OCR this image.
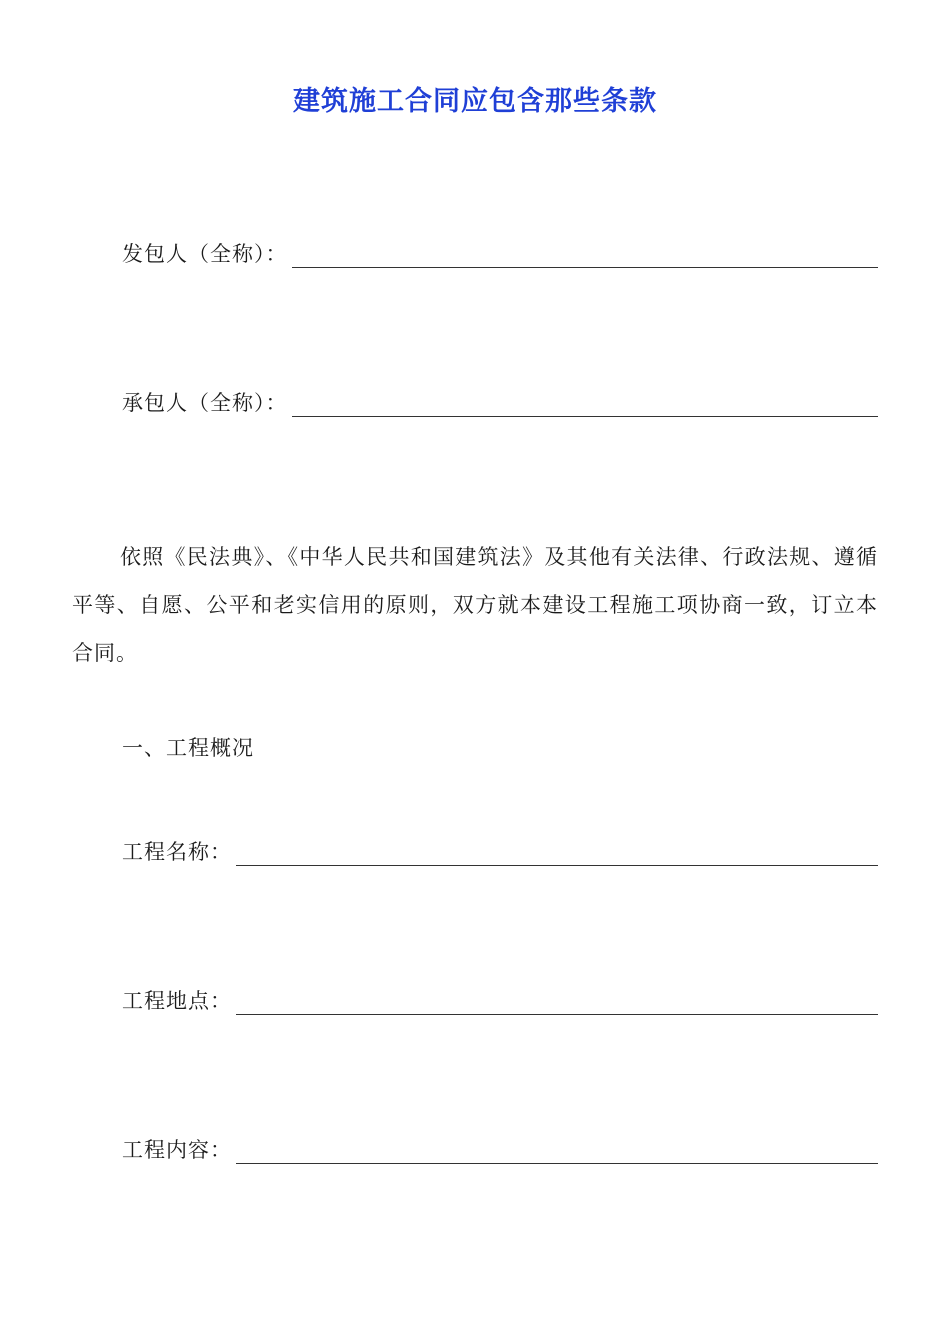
建筑施工合同应包含那些条款
发包人（全称）：
承包人（全称）：
依照《民法典》、《中华人民共和国建筑法》及其他有关法律、行政法规、遵循平等、自愿、公平和老实信用的原则，双方就本建设工程施工项协商一致，订立本合同。
一、工程概况
工程名称：
工程地点：
工程内容：
